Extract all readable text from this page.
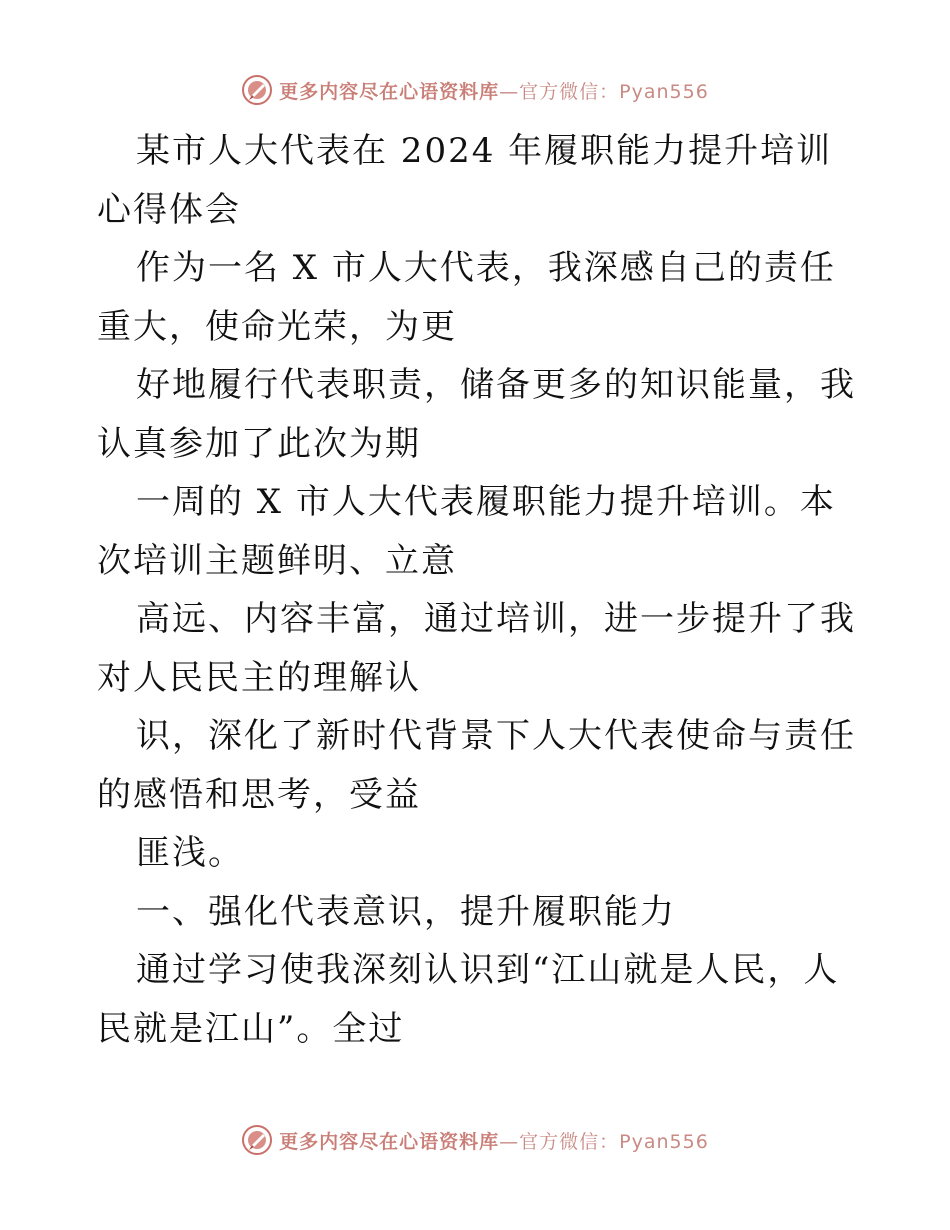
更多内容尽在心语资料库—官方微信：Pyan556

某市人大代表在 2024 年履职能力提升培训心得体会

作为一名 X 市人大代表，我深感自己的责任重大，使命光荣，为更

好地履行代表职责，储备更多的知识能量，我认真参加了此次为期

一周的 X 市人大代表履职能力提升培训。本次培训主题鲜明、立意

高远、内容丰富，通过培训，进一步提升了我对人民民主的理解认

识，深化了新时代背景下人大代表使命与责任的感悟和思考，受益

匪浅。

一、强化代表意识，提升履职能力

通过学习使我深刻认识到“江山就是人民，人民就是江山”。全过

更多内容尽在心语资料库—官方微信：Pyan556
